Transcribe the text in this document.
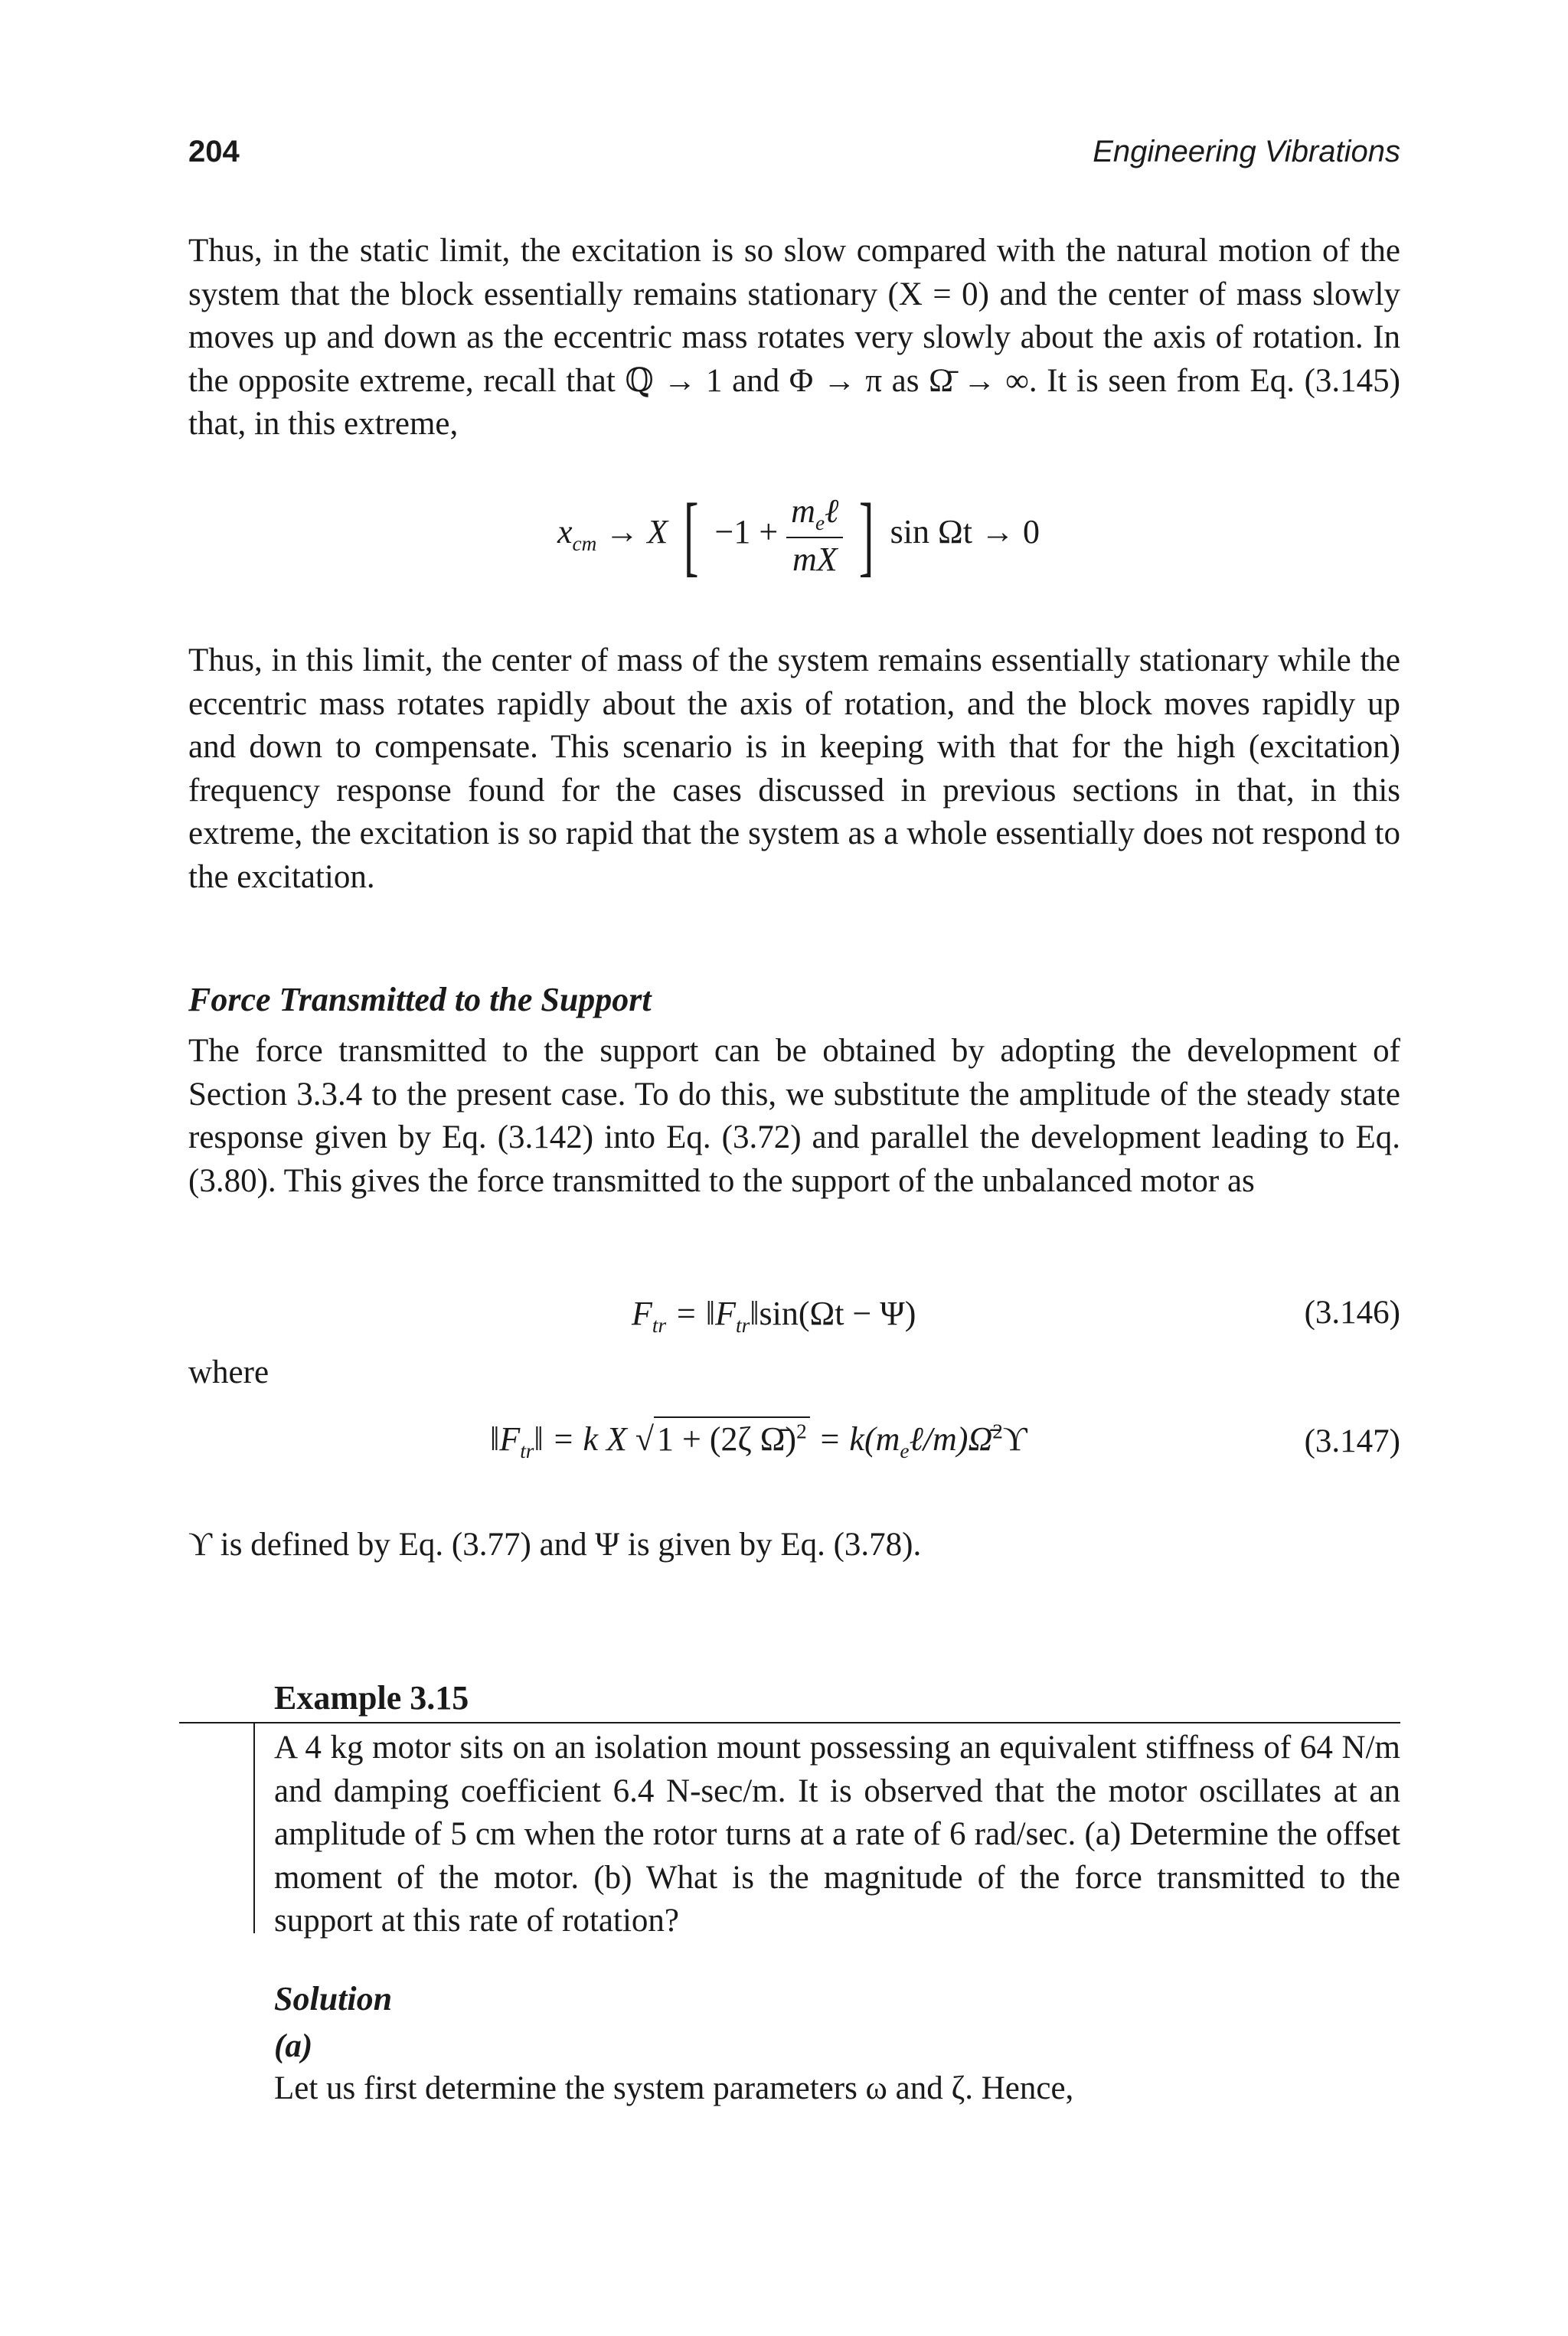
204	Engineering Vibrations

Thus, in the static limit, the excitation is so slow compared with the natural motion of the system that the block essentially remains stationary (X = 0) and the center of mass slowly moves up and down as the eccentric mass rotates very slowly about the axis of rotation. In the opposite extreme, recall that ℚ → 1 and Φ → π as Ω̄ → ∞. It is seen from Eq. (3.145) that, in this extreme,

$x_{cm} \to X$ [ $-1 + \frac{m_e\ell}{mX}$ ] sin Ωt → 0

Thus, in this limit, the center of mass of the system remains essentially stationary while the eccentric mass rotates rapidly about the axis of rotation, and the block moves rapidly up and down to compensate. This scenario is in keeping with that for the high (excitation) frequency response found for the cases discussed in previous sections in that, in this extreme, the excitation is so rapid that the system as a whole essentially does not respond to the excitation.

Force Transmitted to the Support

The force transmitted to the support can be obtained by adopting the development of Section 3.3.4 to the present case. To do this, we substitute the amplitude of the steady state response given by Eq. (3.142) into Eq. (3.72) and parallel the development leading to Eq. (3.80). This gives the force transmitted to the support of the unbalanced motor as

$F_{tr}$ = $‖F_{tr}‖\sin(\Omega t - \Psi)$	(3.146)
where
$‖F_{tr}‖ = k$ X √1 + (2ζ Ω̄)$^2$ = $k(m_e\ell/m)\Omegā^2ϒ$	(3.147)

ϒ is defined by Eq. (3.77) and Ψ is given by Eq. (3.78).

Example 3.15

A 4 kg motor sits on an isolation mount possessing an equivalent stiffness of 64 N/m and damping coefficient 6.4 N-sec/m. It is observed that the motor oscillates at an amplitude of 5 cm when the rotor turns at a rate of 6 rad/sec. (a) Determine the offset moment of the motor. (b) What is the magnitude of the force transmitted to the support at this rate of rotation?

Solution
(a)

Let us first determine the system parameters ω and ζ. Hence,
